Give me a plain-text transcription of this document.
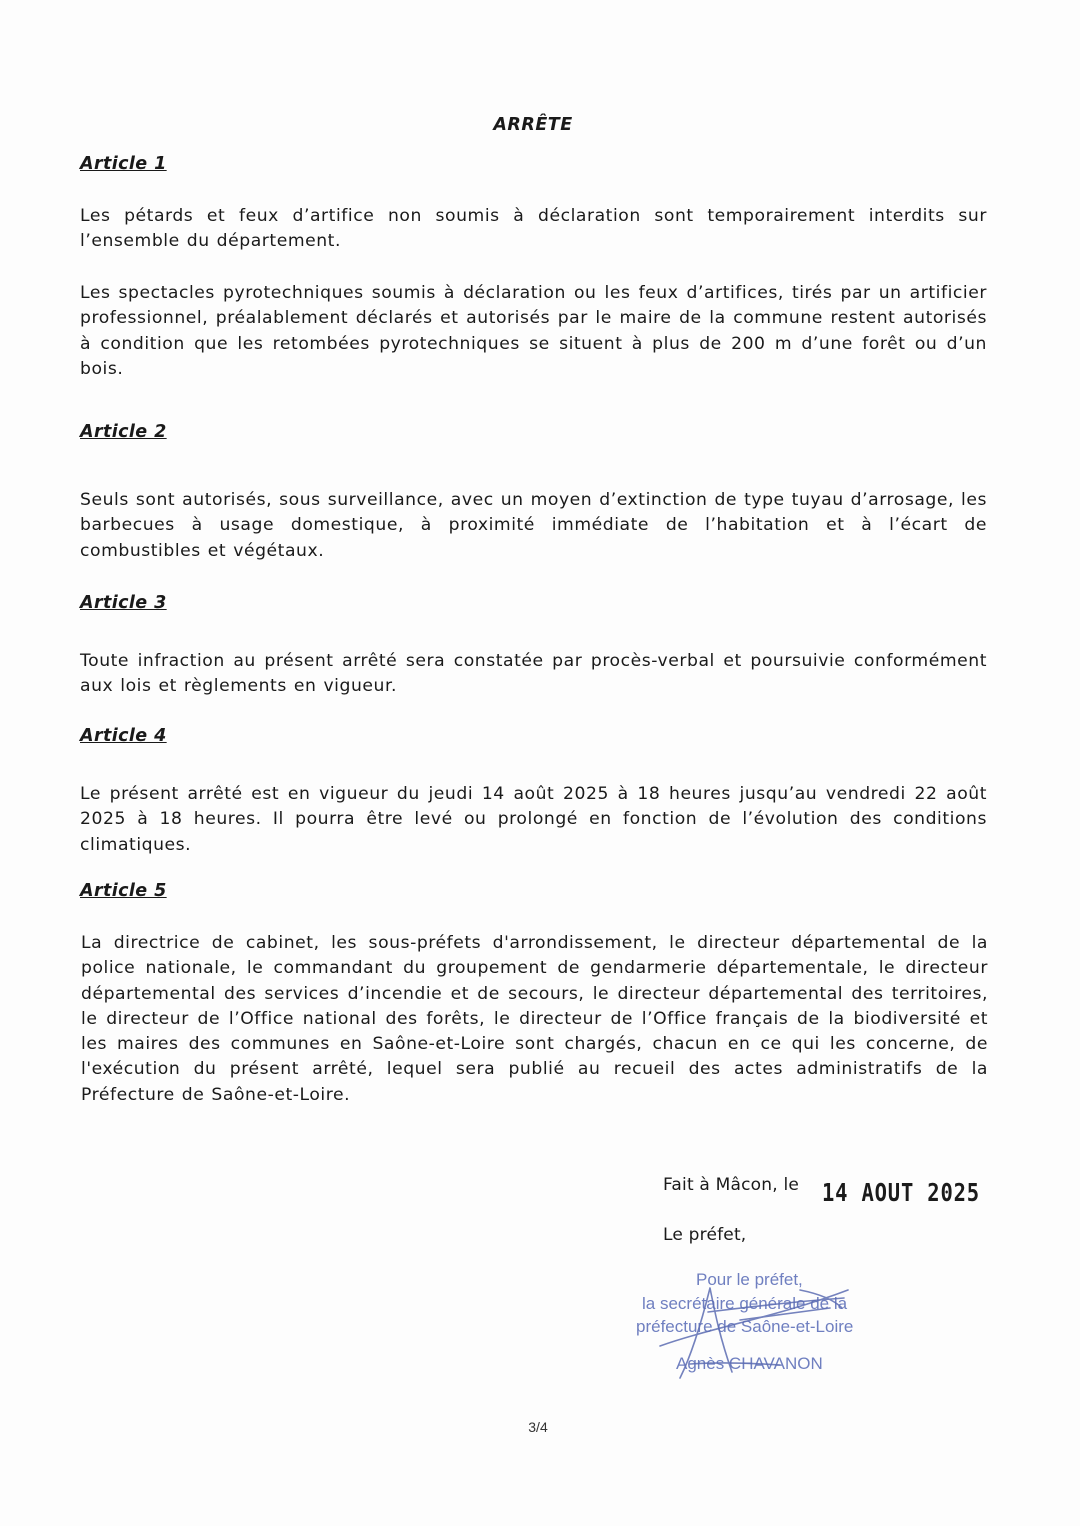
ARRÊTE
Article 1
Les pétards et feux d’artifice non soumis à déclaration sont temporairement interdits sur l’ensemble du département.
Les spectacles pyrotechniques soumis à déclaration ou les feux d’artifices, tirés par un artificier professionnel, préalablement déclarés et autorisés par le maire de la commune restent autorisés à condition que les retombées pyrotechniques se situent à plus de 200 m d’une forêt ou d’un bois.
Article 2
Seuls sont autorisés, sous surveillance, avec un moyen d’extinction de type tuyau d’arrosage, les barbecues à usage domestique, à proximité immédiate de l’habitation et à l’écart de combustibles et végétaux.
Article 3
Toute infraction au présent arrêté sera constatée par procès-verbal et poursuivie conformément aux lois et règlements en vigueur.
Article 4
Le présent arrêté est en vigueur du jeudi 14 août 2025 à 18 heures jusqu’au vendredi 22 août 2025 à 18 heures. Il pourra être levé ou prolongé en fonction de l’évolution des conditions climatiques.
Article 5
La directrice de cabinet, les sous-préfets d'arrondissement, le directeur départemental de la police nationale, le commandant du groupement de gendarmerie départementale, le directeur départemental des services d’incendie et de secours, le directeur départemental des territoires, le directeur de l’Office national des forêts, le directeur de l’Office français de la biodiversité et les maires des communes en Saône-et-Loire sont chargés, chacun en ce qui les concerne, de l'exécution du présent arrêté, lequel sera publié au recueil des actes administratifs de la Préfecture de Saône-et-Loire.
Fait à Mâcon, le 14 AOUT 2025
Le préfet,
Pour le préfet,
la secrétaire générale de la
préfecture de Saône-et-Loire
Agnès CHAVANON
3/4
